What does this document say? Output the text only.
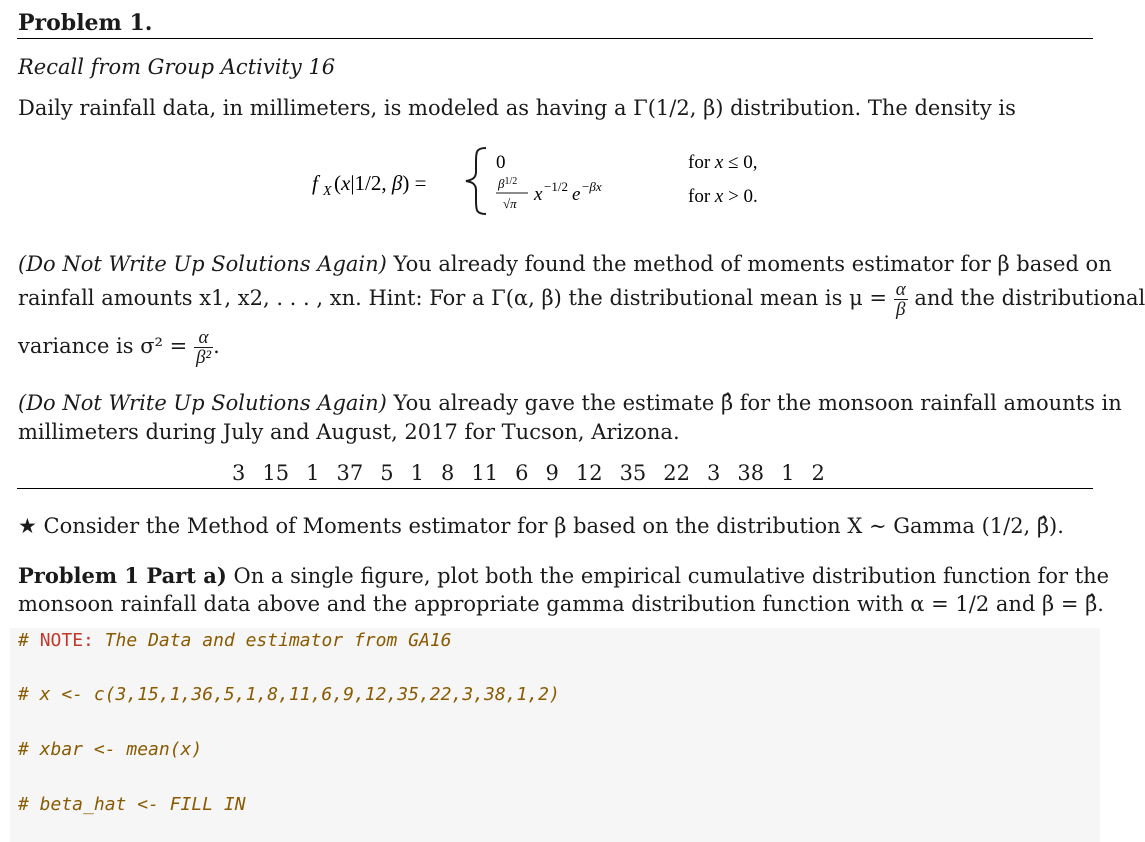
Problem 1.
Recall from Group Activity 16
Daily rainfall data, in millimeters, is modeled as having a Γ(1/2, β) distribution. The density is
f X (x|1/2, β) =
0
$\beta^{1/2}$
√π x −1/2 e −βx
for x ≤ 0,
for x > 0.
(Do Not Write Up Solutions Again) You already found the method of moments estimator for β based on
rainfall amounts x1, x2, . . . , xn. Hint: For a Γ(α, β) the distributional mean is $\mu = \frac{\alpha}{\beta}$ and the distributional
variance is $\sigma^2 = \frac{\alpha}{\text{β²}}$ .
(Do Not Write Up Solutions Again) You already gave the estimate β̂ for the monsoon rainfall amounts in
millimeters during July and August, 2017 for Tucson, Arizona.
3 15 1 37 5 1 8 11 6 9 12 35 22 3 38 1 2
★ Consider the Method of Moments estimator for β based on the distribution X ∼ Gamma (1/2, β̂).
Problem 1 Part a) On a single figure, plot both the empirical cumulative distribution function for the
monsoon rainfall data above and the appropriate gamma distribution function with α = 1/2 and β = β̂.
# NOTE: The Data and estimator from GA16
# x <- c(3,15,1,36,5,1,8,11,6,9,12,35,22,3,38,1,2)
# xbar <- mean(x)
# beta_hat <- FILL IN
